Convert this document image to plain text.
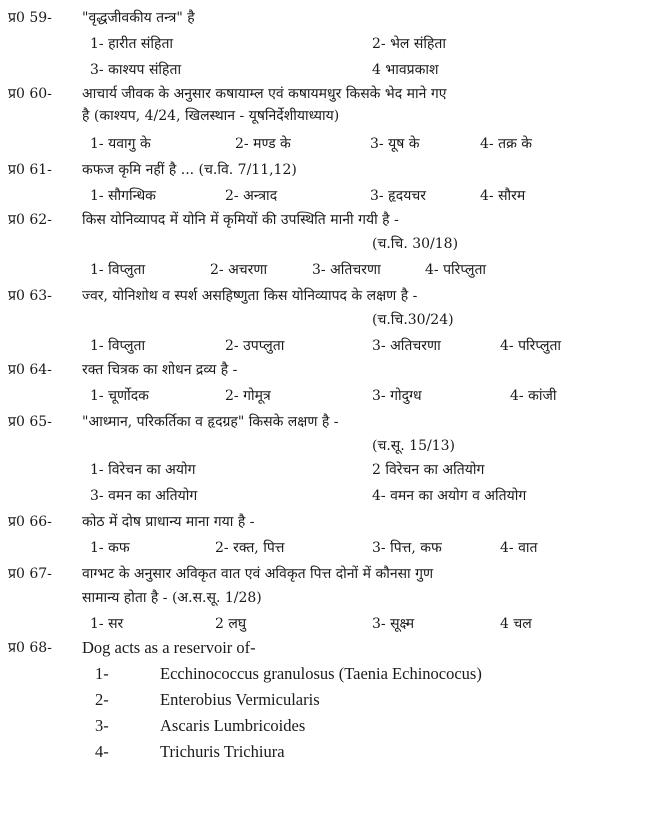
प्र0 59- "वृद्धजीवकीय तन्त्र" है
1- हारीत संहिता	2- भेल संहिता
3- काश्यप संहिता	4 भावप्रकाश
प्र0 60- आचार्य जीवक के अनुसार कषायाम्ल एवं कषायमधुर किसके भेद माने गए
है (काश्यप, 4/24, खिलस्थान - यूषनिर्देशीयाध्याय)
1- यवागु के	2- मण्ड के	3- यूष के	4- तक्र के
प्र0 61- कफज कृमि नहीं है ... (च.वि. 7/11,12)
1- सौगन्धिक	2- अन्त्राद	3- हृदयचर	4- सौरम
प्र0 62- किस योनिव्यापद में योनि में कृमियों की उपस्थिति मानी गयी है -
(च.चि. 30/18)
1- विप्लुता	2- अचरणा	3- अतिचरणा	4- परिप्लुता
प्र0 63- ज्वर, योनिशोथ व स्पर्श असहिष्णुता किस योनिव्यापद के लक्षण है -
(च.चि.30/24)
1- विप्लुता	2- उपप्लुता	3- अतिचरणा	4- परिप्लुता
प्र0 64- रक्त चित्रक का शोधन द्रव्य है -
1- चूर्णोदक	2- गोमूत्र	3- गोदुग्ध	4- कांजी
प्र0 65- "आध्मान, परिकर्तिका व हृदग्रह" किसके लक्षण है -
(च.सू. 15/13)
1- विरेचन का अयोग	2 विरेचन का अतियोग
3- वमन का अतियोग	4- वमन का अयोग व अतियोग
प्र0 66- कोठ में दोष प्राधान्य माना गया है -
1- कफ	2- रक्त, पित्त	3- पित्त, कफ	4- वात
प्र0 67- वाग्भट के अनुसार अविकृत वात एवं अविकृत पित्त दोनों में कौनसा गुण
सामान्य होता है - (अ.स.सू. 1/28)
1- सर	2 लघु	3- सूक्ष्म	4 चल
प्र0 68- Dog acts as a reservoir of-
1-	Ecchinococcus granulosus (Taenia Echinococus)
2-	Enterobius Vermicularis
3-	Ascaris Lumbricoides
4-	Trichuris Trichiura
